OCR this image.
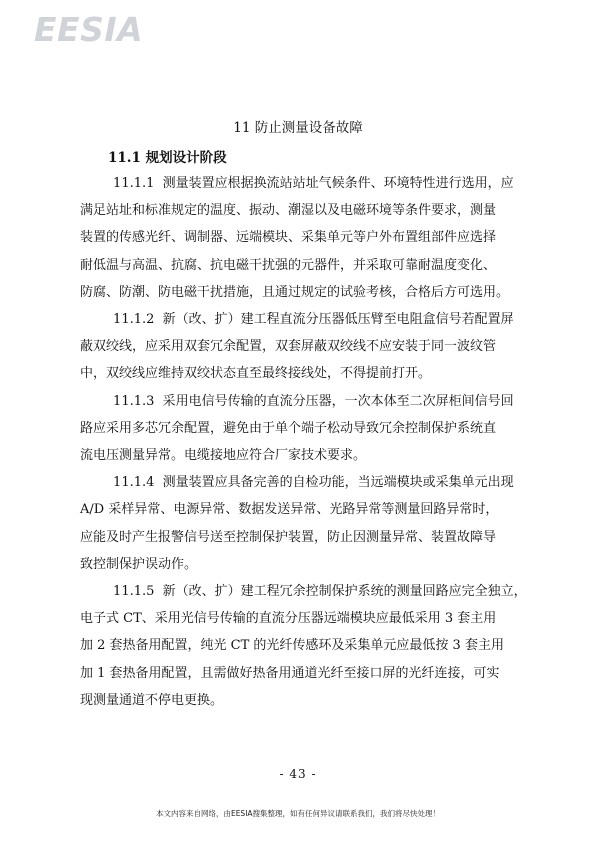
EESIA
11 防止测量设备故障
11.1 规划设计阶段

11.1.1  测量装置应根据换流站站址气候条件、环境特性进行选用，应

满足站址和标准规定的温度、振动、潮湿以及电磁环境等条件要求，测量

装置的传感光纤、调制器、远端模块、采集单元等户外布置组部件应选择

耐低温与高温、抗腐、抗电磁干扰强的元器件，并采取可靠耐温度变化、

防腐、防潮、防电磁干扰措施，且通过规定的试验考核，合格后方可选用。

11.1.2  新（改、扩）建工程直流分压器低压臂至电阻盒信号若配置屏

蔽双绞线，应采用双套冗余配置，双套屏蔽双绞线不应安装于同一波纹管

中，双绞线应维持双绞状态直至最终接线处，不得提前打开。

11.1.3  采用电信号传输的直流分压器，一次本体至二次屏柜间信号回

路应采用多芯冗余配置，避免由于单个端子松动导致冗余控制保护系统直

流电压测量异常。电缆接地应符合厂家技术要求。

11.1.4  测量装置应具备完善的自检功能，当远端模块或采集单元出现

A/D 采样异常、电源异常、数据发送异常、光路异常等测量回路异常时，

应能及时产生报警信号送至控制保护装置，防止因测量异常、装置故障导

致控制保护误动作。

11.1.5  新（改、扩）建工程冗余控制保护系统的测量回路应完全独立，

电子式 CT、采用光信号传输的直流分压器远端模块应最低采用 3 套主用

加 2 套热备用配置，纯光 CT 的光纤传感环及采集单元应最低按 3 套主用

加 1 套热备用配置，且需做好热备用通道光纤至接口屏的光纤连接，可实

现测量通道不停电更换。

- 43 -
本文内容来自网络，由EESIA搜集整理，如有任何异议请联系我们，我们将尽快处理！
